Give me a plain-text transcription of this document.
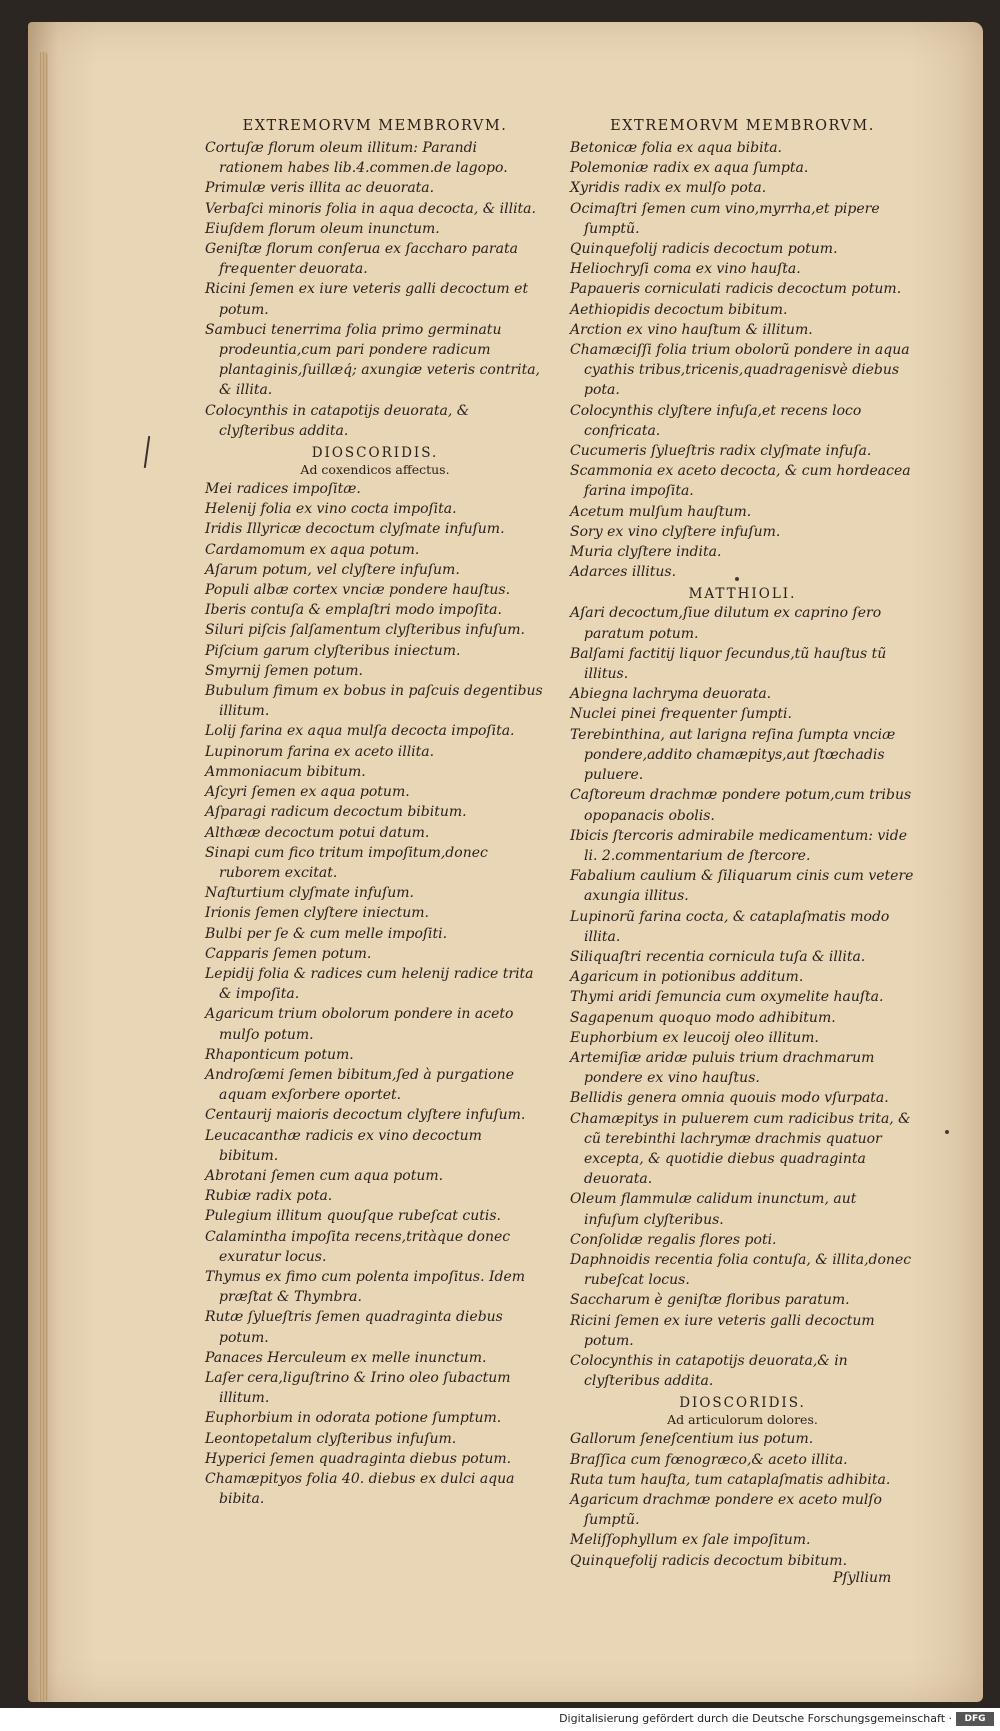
EXTREMORVM MEMBRORVM.

Cortuſæ florum oleum illitum: Parandi rationem habes lib.4.commen.de lagopo.

Primulæ veris illita ac deuorata.

Verbaſci minoris folia in aqua decocta, & illita.

Eiuſdem florum oleum inunctum.

Geniſtæ florum conſerua ex ſaccharo parata frequenter deuorata.

Ricini ſemen ex iure veteris galli decoctum et potum.

Sambuci tenerrima folia primo germinatu prodeuntia,cum pari pondere radicum plantaginis,ſuillæq́; axungiæ veteris contrita, & illita.

Colocynthis in catapotijs deuorata, & clyſteribus addita.

DIOSCORIDIS.
Ad coxendicos affectus.

Mei radices impoſitæ.

Helenij folia ex vino cocta impoſita.

Iridis Illyricæ decoctum clyſmate infuſum.

Cardamomum ex aqua potum.

Aſarum potum, vel clyſtere infuſum.

Populi albæ cortex vnciæ pondere hauſtus.

Iberis contuſa & emplaſtri modo impoſita.

Siluri piſcis ſalſamentum clyſteribus infuſum.

Piſcium garum clyſteribus iniectum.

Smyrnij ſemen potum.

Bubulum fimum ex bobus in paſcuis degentibus illitum.

Lolij farina ex aqua mulſa decocta impoſita.

Lupinorum farina ex aceto illita.

Ammoniacum bibitum.

Aſcyri ſemen ex aqua potum.

Aſparagi radicum decoctum bibitum.

Althææ decoctum potui datum.

Sinapi cum fico tritum impoſitum,donec ruborem excitat.

Naſturtium clyſmate infuſum.

Irionis ſemen clyſtere iniectum.

Bulbi per ſe & cum melle impoſiti.

Capparis ſemen potum.

Lepidij folia & radices cum helenij radice trita & impoſita.

Agaricum trium obolorum pondere in aceto mulſo potum.

Rhaponticum potum.

Androſæmi ſemen bibitum,ſed à purgatione aquam exſorbere oportet.

Centaurij maioris decoctum clyſtere infuſum.

Leucacanthæ radicis ex vino decoctum bibitum.

Abrotani ſemen cum aqua potum.

Rubiæ radix pota.

Pulegium illitum quouſque rubeſcat cutis.

Calamintha impoſita recens,tritàque donec exuratur locus.

Thymus ex fimo cum polenta impoſitus. Idem præſtat & Thymbra.

Rutæ ſylueſtris ſemen quadraginta diebus potum.

Panaces Herculeum ex melle inunctum.

Laſer cera,liguſtrino & Irino oleo ſubactum illitum.

Euphorbium in odorata potione ſumptum.

Leontopetalum clyſteribus infuſum.

Hyperici ſemen quadraginta diebus potum.

Chamæpityos folia 40. diebus ex dulci aqua bibita.

EXTREMORVM MEMBRORVM.

Betonicæ folia ex aqua bibita.

Polemoniæ radix ex aqua ſumpta.

Xyridis radix ex mulſo pota.

Ocimaſtri ſemen cum vino,myrrha,et pipere ſumptũ.

Quinquefolij radicis decoctum potum.

Heliochryſi coma ex vino hauſta.

Papaueris corniculati radicis decoctum potum.

Aethiopidis decoctum bibitum.

Arction ex vino hauſtum & illitum.

Chamæciſſi folia trium obolorũ pondere in aqua cyathis tribus,tricenis,quadragenisvè diebus pota.

Colocynthis clyſtere infuſa,et recens loco confricata.

Cucumeris ſylueſtris radix clyſmate infuſa.

Scammonia ex aceto decocta, & cum hordeacea farina impoſita.

Acetum mulſum hauſtum.

Sory ex vino clyſtere infuſum.

Muria clyſtere indita.

Adarces illitus.

MATTHIOLI.

Aſari decoctum,ſiue dilutum ex caprino ſero paratum potum.

Balſami factitij liquor ſecundus,tũ hauſtus tũ illitus.

Abiegna lachryma deuorata.

Nuclei pinei frequenter ſumpti.

Terebinthina, aut larigna reſina ſumpta vnciæ pondere,addito chamæpitys,aut ſtœchadis puluere.

Caſtoreum drachmæ pondere potum,cum tribus opopanacis obolis.

Ibicis ſtercoris admirabile medicamentum: vide li. 2.commentarium de ſtercore.

Fabalium caulium & ſiliquarum cinis cum vetere axungia illitus.

Lupinorũ farina cocta, & cataplaſmatis modo illita.

Siliquaſtri recentia cornicula tuſa & illita.

Agaricum in potionibus additum.

Thymi aridi ſemuncia cum oxymelite hauſta.

Sagapenum quoquo modo adhibitum.

Euphorbium ex leucoij oleo illitum.

Artemiſiæ aridæ puluis trium drachmarum pondere ex vino hauſtus.

Bellidis genera omnia quouis modo vſurpata.

Chamæpitys in puluerem cum radicibus trita, & cũ terebinthi lachrymæ drachmis quatuor excepta, & quotidie diebus quadraginta deuorata.

Oleum flammulæ calidum inunctum, aut infuſum clyſteribus.

Conſolidæ regalis flores poti.

Daphnoidis recentia folia contuſa, & illita,donec rubeſcat locus.

Saccharum è geniſtæ floribus paratum.

Ricini ſemen ex iure veteris galli decoctum potum.

Colocynthis in catapotijs deuorata,& in clyſteribus addita.

DIOSCORIDIS.
Ad articulorum dolores.

Gallorum ſeneſcentium ius potum.

Braſſica cum fœnogræco,& aceto illita.

Ruta tum hauſta, tum cataplaſmatis adhibita.

Agaricum drachmæ pondere ex aceto mulſo ſumptũ.

Meliſſophyllum ex ſale impoſitum.

Quinquefolij radicis decoctum bibitum.

Pſyllium
Digitalisierung gefördert durch die Deutsche Forschungsgemeinschaft ·	DFG
